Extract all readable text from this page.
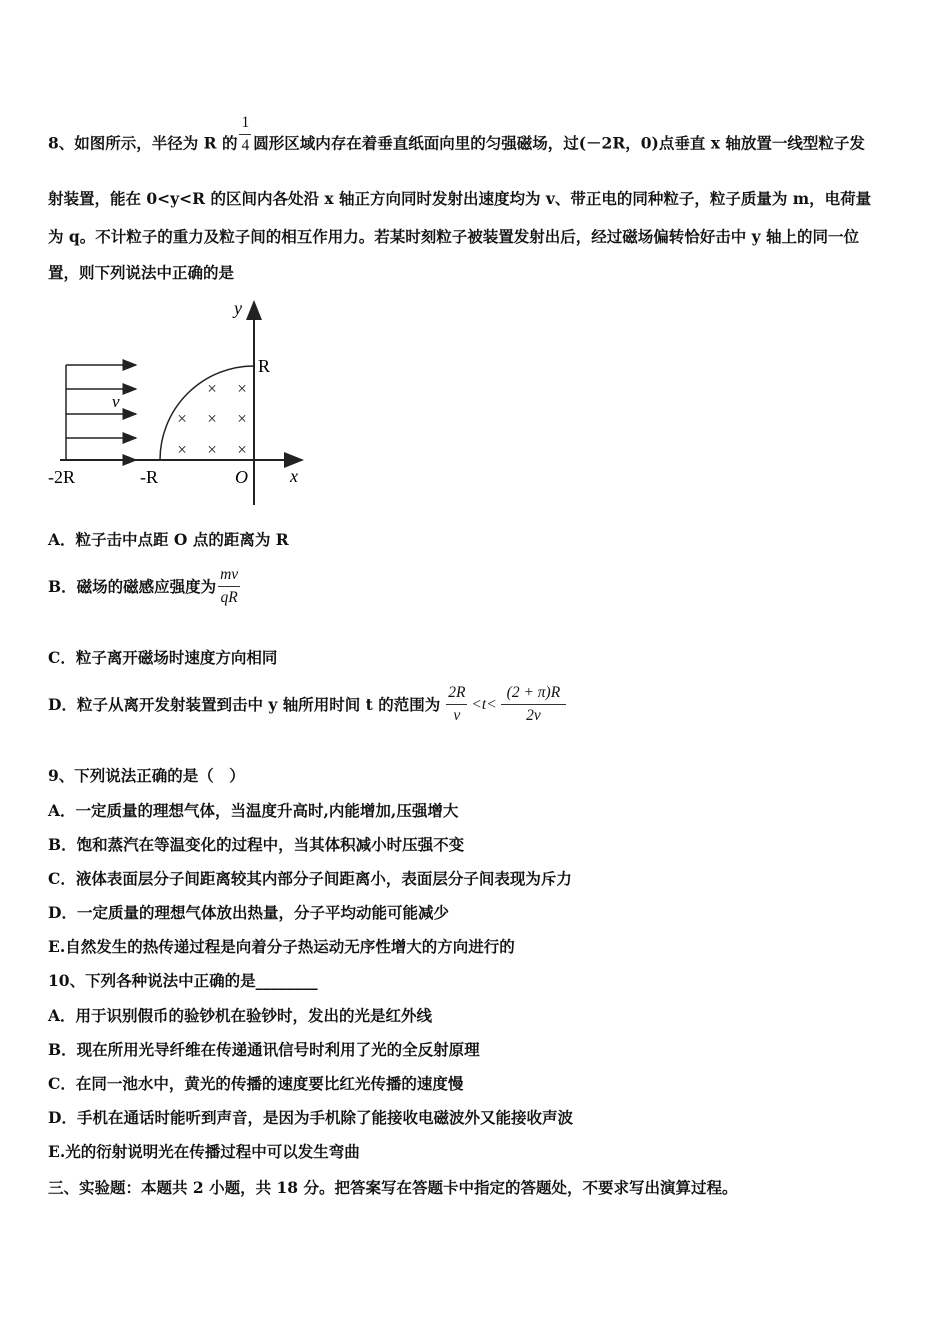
8、如图所示，半径为 R 的 $\frac{1}{4}$ 圆形区域内存在着垂直纸面向里的匀强磁场，过(－2R，0)点垂直 x 轴放置一线型粒子发
射装置，能在 0<y<R 的区间内各处沿 x 轴正方向同时发射出速度均为 v、带正电的同种粒子，粒子质量为 m，电荷量
为 q。不计粒子的重力及粒子间的相互作用力。若某时刻粒子被装置发射出后，经过磁场偏转恰好击中 y 轴上的同一位
置，则下列说法中正确的是
× ×
× × ×
× × ×
y
x
O
R
-R
-2R
v
A．粒子击中点距 O 点的距离为 R
B．磁场的磁感应强度为 $\frac{mv}{qR}$
C．粒子离开磁场时速度方向相同
D．粒子从离开发射装置到击中 y 轴所用时间 t 的范围为 $\frac{2R}{v} <t< \frac{(2 + \pi)R}{2v}$
9、下列说法正确的是（　）
A．一定质量的理想气体，当温度升高时,内能增加,压强增大
B．饱和蒸汽在等温变化的过程中，当其体积减小时压强不变
C．液体表面层分子间距离较其内部分子间距离小，表面层分子间表现为斥力
D．一定质量的理想气体放出热量，分子平均动能可能减少
E.自然发生的热传递过程是向着分子热运动无序性增大的方向进行的
10、下列各种说法中正确的是________
A．用于识别假币的验钞机在验钞时，发出的光是红外线
B．现在所用光导纤维在传递通讯信号时利用了光的全反射原理
C．在同一池水中，黄光的传播的速度要比红光传播的速度慢
D．手机在通话时能听到声音，是因为手机除了能接收电磁波外又能接收声波
E.光的衍射说明光在传播过程中可以发生弯曲
三、实验题：本题共 2 小题，共 18 分。把答案写在答题卡中指定的答题处，不要求写出演算过程。
